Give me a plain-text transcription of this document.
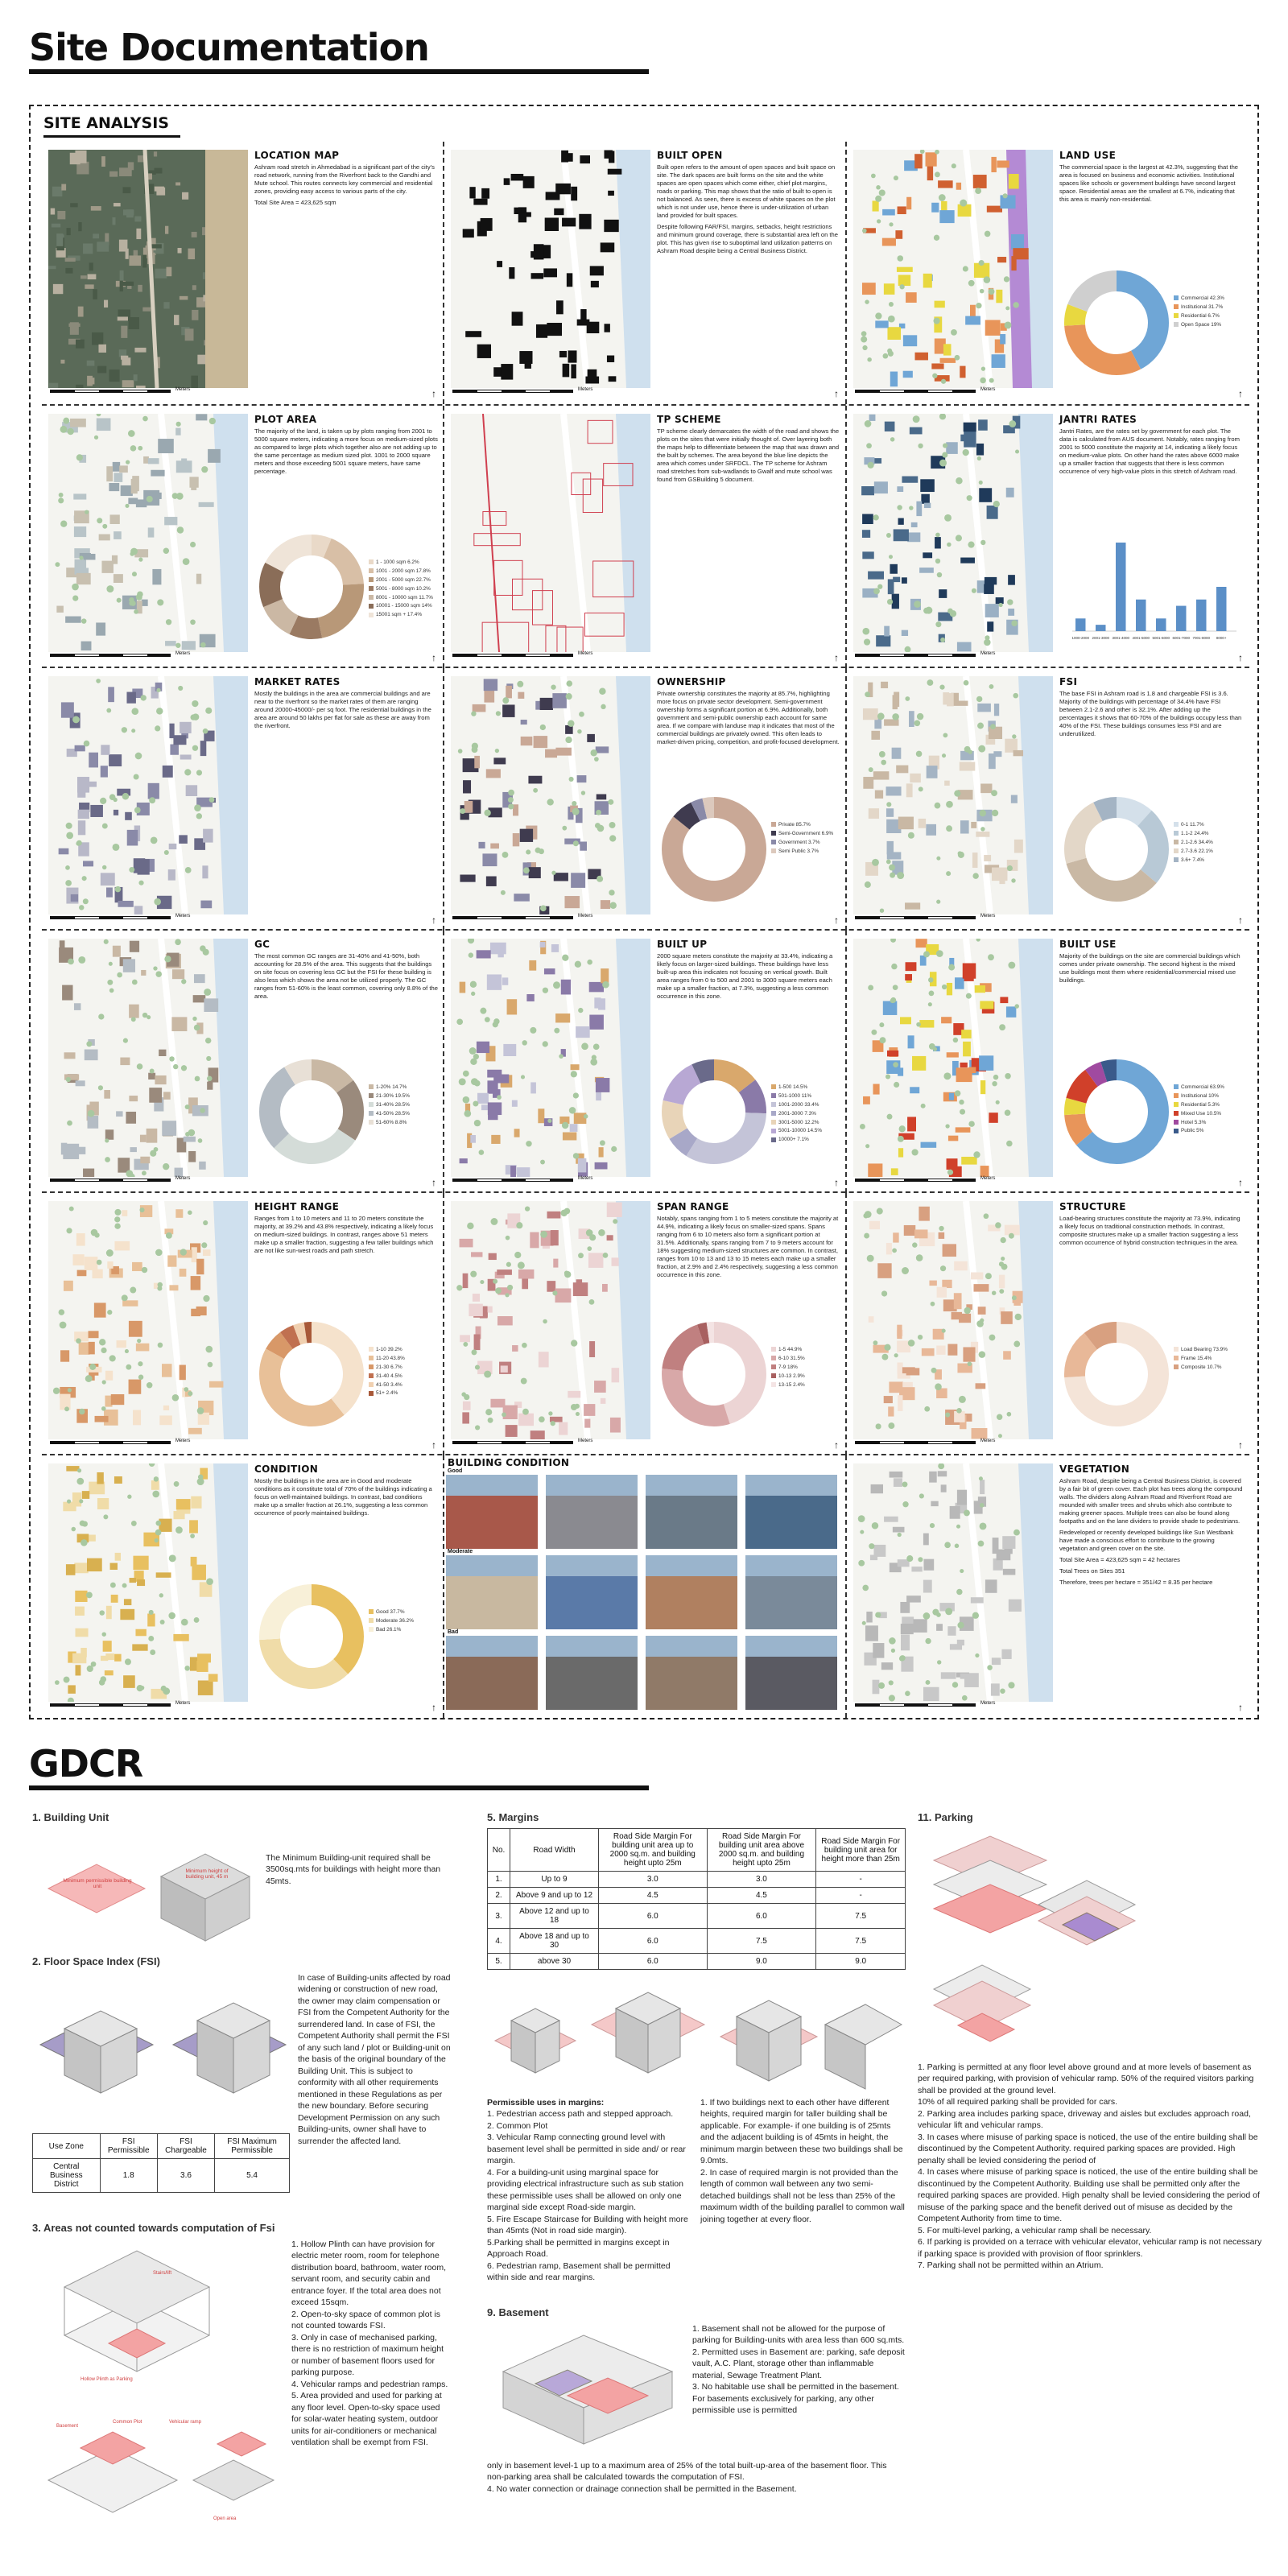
Site Documentation
SITE ANALYSIS
Meters	↑
LOCATION MAP

Ashram road stretch in Ahmedabad is a significant part of the city's road network, running from the Riverfront back to the Gandhi and Mute school. This routes connects key commercial and residential zones, providing easy access to various parts of the city.

Total Site Area = 423,625 sqm

Meters	↑
BUILT OPEN

Built open refers to the amount of open spaces and built space on site. The dark spaces are built forms on the site and the white spaces are open spaces which come either, chief plot margins, roads or parking. This map shows that the ratio of built to open is not balanced. As seen, there is excess of white spaces on the plot which is not under use, hence there is under-utilization of urban land provided for built spaces.

Despite following FAR/FSI, margins, setbacks, height restrictions and minimum ground coverage, there is substantial area left on the plot. This has given rise to suboptimal land utilization patterns on Ashram Road despite being a Central Business District.

Meters	↑
LAND USE

The commercial space is the largest at 42.3%, suggesting that the area is focused on business and economic activities. Institutional spaces like schools or government buildings have second largest space. Residential areas are the smallest at 6.7%, indicating that this area is mainly non-residential.

Commercial 42.3%
Institutional 31.7%
Residential 6.7%
Open Space 19%
Meters	↑
PLOT AREA

The majority of the land, is taken up by plots ranging from 2001 to 5000 square meters, indicating a more focus on medium-sized plots as compared to large plots which together also are not adding up to the same percentage as medium sized plot. 1001 to 2000 square meters and those exceeding 5001 square meters, have same percentage.

1 - 1000 sqm 6.2%
1001 - 2000 sqm 17.8%
2001 - 5000 sqm 22.7%
5001 - 8000 sqm 10.2%
8001 - 10000 sqm 11.7%
10001 - 15000 sqm 14%
15001 sqm + 17.4%
Meters	↑
TP SCHEME

TP scheme clearly demarcates the width of the road and shows the plots on the sites that were initially thought of. Over layering both the maps help to differentiate between the map that was drawn and the built by schemes. The area beyond the blue line depicts the area which comes under SRFDCL. The TP scheme for Ashram road stretches from sub-wadlands to Gwalf and mute school was found from GSBuilding 5 document.

Meters	↑
JANTRI RATES

Jantri Rates, are the rates set by government for each plot. The data is calculated from AUS document. Notably, rates ranging from 2001 to 5000 constitute the majority at 14, indicating a likely focus on medium-value plots. On other hand the rates above 6000 make up a smaller fraction that suggests that there is less common occurrence of very high-value plots in this stretch of Ashram road.

1000-2000 2001-3000 3001-4000 4001-5000 5001-6000 6001-7000 7001-8000 8000+
Meters	↑
MARKET RATES

Mostly the buildings in the area are commercial buildings and are near to the riverfront so the market rates of them are ranging around 20000-45000/- per sq foot. The residential buildings in the area are around 50 lakhs per flat for sale as these are away from the riverfront.

Meters	↑
OWNERSHIP

Private ownership constitutes the majority at 85.7%, highlighting more focus on private sector development. Semi-government ownership forms a significant portion at 6.9%. Additionally, both government and semi-public ownership each account for same area. If we compare with landuse map it indicates that most of the commercial buildings are privately owned. This often leads to market-driven pricing, competition, and profit-focused development.

Private 85.7%
Semi-Government 6.9%
Government 3.7%
Semi Public 3.7%
Meters	↑
FSI

The base FSI in Ashram road is 1.8 and chargeable FSI is 3.6. Majority of the buildings with percentage of 34.4% have FSI between 2.1-2.6 and other is 32.1%. After adding up the percentages it shows that 60-70% of the buildings occupy less than 40% of the FSI. These buildings consumes less FSI and are underutilized.

0-1 11.7%
1.1-2 24.4%
2.1-2.6 34.4%
2.7-3.6 22.1%
3.6+ 7.4%
Meters	↑
GC

The most common GC ranges are 31-40% and 41-50%, both accounting for 28.5% of the area. This suggests that the buildings on site focus on covering less GC but the FSI for these building is also less which shows the area not be utilized properly. The GC ranges from 51-60% is the least common, covering only 8.8% of the area.

1-20% 14.7%
21-30% 19.5%
31-40% 28.5%
41-50% 28.5%
51-60% 8.8%
Meters	↑
BUILT UP

2000 square meters constitute the majority at 33.4%, indicating a likely focus on larger-sized buildings. These buildings have less built-up area this indicates not focusing on vertical growth. Built area ranges from 0 to 500 and 2001 to 3000 square meters each make up a smaller fraction, at 7.3%, suggesting a less common occurrence in this zone.

1-500 14.5%
501-1000 11%
1001-2000 33.4%
2001-3000 7.3%
3001-5000 12.2%
5001-10000 14.5%
10000+ 7.1%
Meters	↑
BUILT USE

Majority of the buildings on the site are commercial buildings which comes under private ownership. The second highest is the mixed use buildings most them where residential/commercial mixed use buildings.

Commercial 63.9%
Institutional 10%
Residential 5.3%
Mixed Use 10.5%
Hotel 5.3%
Public 5%
Meters	↑
HEIGHT RANGE

Ranges from 1 to 10 meters and 11 to 20 meters constitute the majority, at 39.2% and 43.8% respectively, indicating a likely focus on medium-sized buildings. In contrast, ranges above 51 meters make up a smaller fraction, suggesting a few taller buildings which are not like sun-west roads and path stretch.

1-10 39.2%
11-20 43.8%
21-30 6.7%
31-40 4.5%
41-50 3.4%
51+ 2.4%
Meters	↑
SPAN RANGE

Notably, spans ranging from 1 to 5 meters constitute the majority at 44.9%, indicating a likely focus on smaller-sized spans. Spans ranging from 6 to 10 meters also form a significant portion at 31.5%. Additionally, spans ranging from 7 to 9 meters account for 18% suggesting medium-sized structures are common. In contrast, ranges from 10 to 13 and 13 to 15 meters each make up a smaller fraction, at 2.9% and 2.4% respectively, suggesting a less common occurrence in this zone.

1-5 44.9%
6-10 31.5%
7-9 18%
10-13 2.9%
13-15 2.4%
Meters	↑
STRUCTURE

Load-bearing structures constitute the majority at 73.9%, indicating a likely focus on traditional construction methods. In contrast, composite structures make up a smaller fraction suggesting a less common occurrence of hybrid construction techniques in the area.

Load Bearing 73.9%
Frame 15.4%
Composite 10.7%
Meters	↑
CONDITION

Mostly the buildings in the area are in Good and moderate conditions as it constitute total of 70% of the buildings indicating a focus on well-maintained buildings. In contrast, bad conditions make up a smaller fraction at 26.1%, suggesting a less common occurrence of poorly maintained buildings.

Good 37.7%
Moderate 36.2%
Bad 26.1%
BUILDING CONDITION
Good
Moderate
Bad
Meters	↑
VEGETATION

Ashram Road, despite being a Central Business District, is covered by a fair bit of green cover. Each plot has trees along the compound walls. The dividers along Ashram Road and Riverfront Road are mounded with smaller trees and shrubs which also contribute to making greener spaces. Multiple trees can also be found along footpaths and on the lane dividers to provide shade to pedestrians.

Redeveloped or recently developed buildings like Sun Westbank have made a conscious effort to contribute to the growing vegetation and green cover on the site.

Total Site Area = 423,625 sqm = 42 hectares

Total Trees on Sites 351

Therefore, trees per hectare = 351/42 = 8.35 per hectare

GDCR
1. Building Unit
Minimum permissible building unit
Minimum height of building unit, 45 m
The Minimum Building-unit required shall be 3500sq.mts for buildings with height more than 45mts.
2. Floor Space Index (FSI)
In case of Building-units affected by road widening or construction of new road, the owner may claim compensation or FSI from the Competent Authority for the surrendered land. In case of FSI, the Competent Authority shall permit the FSI of any such land / plot or Building-unit on the basis of the original boundary of the Building Unit. This is subject to conformity with all other requirements mentioned in these Regulations as per the new boundary. Before securing Development Permission on any such Building-units, owner shall have to surrender the affected land.
Use Zone	FSI Permissible	FSI Chargeable	FSI Maximum Permissible
Central Business District	1.8	3.6	5.4
3. Areas not counted towards computation of Fsi
Stairs/lift
Hollow Plinth as Parking
Basement
Common Plot	Vehicular ramp
Open area

1. Hollow Plinth can have provision for electric meter room, room for telephone distribution board, bathroom, water room, servant room, and security cabin and entrance foyer. If the total area does not exceed 15sqm.

2. Open-to-sky space of common plot is not counted towards FSI.

3. Only in case of mechanised parking, there is no restriction of maximum height or number of basement floors used for parking purpose.

4. Vehicular ramps and pedestrian ramps.

5. Area provided and used for parking at any floor level. Open-to-sky space used for solar-water heating system, outdoor units for air-conditioners or mechanical ventilation shall be exempt from FSI.

5. Margins
No.	Road Width	Road Side Margin For building unit area up to 2000 sq.m. and building height upto 25m	Road Side Margin For building unit area above 2000 sq.m. and building height upto 25m	Road Side Margin For building unit area for height more than 25m
1.	Up to 9	3.0	3.0	-
2.	Above 9 and up to 12	4.5	4.5	-
3.	Above 12 and up to 18	6.0	6.0	7.5
4.	Above 18 and up to 30	6.0	7.5	7.5
5.	above 30	6.0	9.0	9.0

Permissible uses in margins:

1. Pedestrian access path and stepped approach.

2. Common Plot

3. Vehicular Ramp connecting ground level with basement level shall be permitted in side and/ or rear margin.

4. For a building-unit using marginal space for providing electrical infrastructure such as sub station these permissible uses shall be allowed on only one marginal side except Road-side margin.

5. Fire Escape Staircase for Building with height more than 45mts (Not in road side margin).

5.Parking shall be permitted in margins except in Approach Road.

6. Pedestrian ramp, Basement shall be permitted within side and rear margins.

1. If two buildings next to each other have different heights, required margin for taller building shall be applicable. For example- if one building is of 25mts and the adjacent building is of 45mts in height, the minimum margin between these two buildings shall be 9.0mts.

2. In case of required margin is not provided than the length of common wall between any two semi-detached buildings shall not be less than 25% of the maximum width of the building parallel to common wall joining together at every floor.

9. Basement

1. Basement shall not be allowed for the purpose of parking for Building-units with area less than 600 sq.mts.

2. Permitted uses in Basement are: parking, safe deposit vault, A.C. Plant, storage other than inflammable material, Sewage Treatment Plant.

3. No habitable use shall be permitted in the basement. For basements exclusively for parking, any other permissible use is permitted

only in basement level-1 up to a maximum area of 25% of the total built-up-area of the basement floor. This non-parking area shall be calculated towards the computation of FSI.

4. No water connection or drainage connection shall be permitted in the Basement.

11. Parking

1. Parking is permitted at any floor level above ground and at more levels of basement as per required parking, with provision of vehicular ramp. 50% of the required visitors parking shall be provided at the ground level.

10% of all required parking shall be provided for cars.

2. Parking area includes parking space, driveway and aisles but excludes approach road, vehicular lift and vehicular ramps.

3. In cases where misuse of parking space is noticed, the use of the entire building shall be discontinued by the Competent Authority. required parking spaces are provided. High penalty shall be levied considering the period of

4. In cases where misuse of parking space is noticed, the use of the entire building shall be discontinued by the Competent Authority. Building use shall be permitted only after the required parking spaces are provided. High penalty shall be levied considering the period of misuse of the parking space and the benefit derived out of misuse as decided by the Competent Authority from time to time.

5. For multi-level parking, a vehicular ramp shall be necessary.

6. If parking is provided on a terrace with vehicular elevator, vehicular ramp is not necessary if parking space is provided with provision of floor sprinklers.

7. Parking shall not be permitted within an Atrium.
